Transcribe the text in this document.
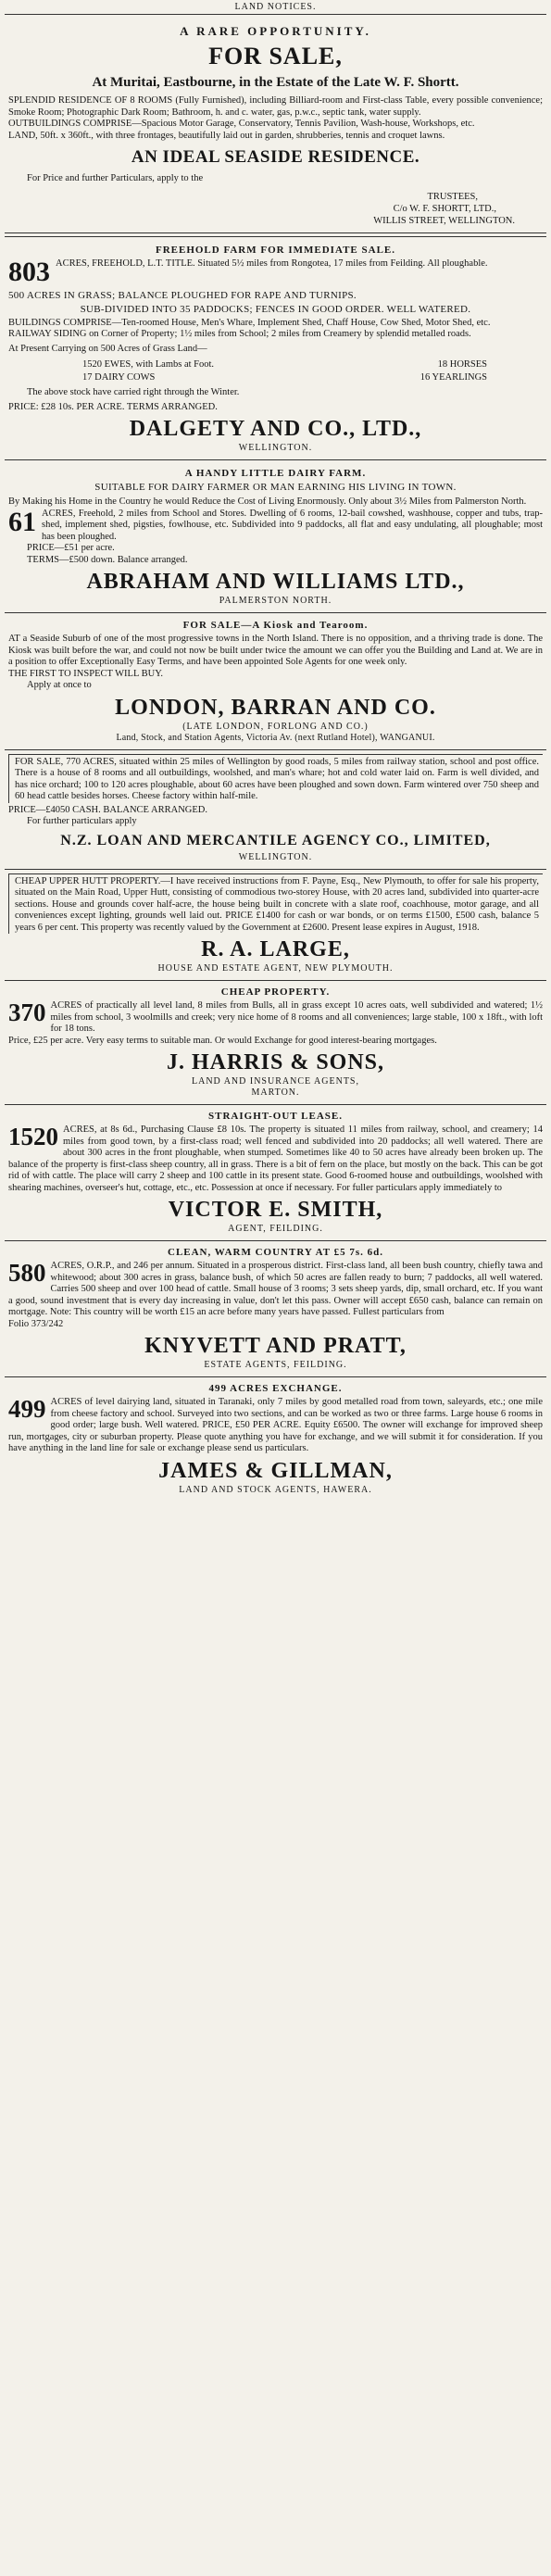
LAND NOTICES.
A RARE OPPORTUNITY.
FOR SALE,
At Muritai, Eastbourne, in the Estate of the Late W. F. Shortt.

SPLENDID RESIDENCE OF 8 ROOMS (Fully Furnished), including Billiard-room and First-class Table, every possible convenience; Smoke Room; Photographic Dark Room; Bathroom, h. and c. water, gas, p.w.c., septic tank, water supply.

OUTBUILDINGS COMPRISE—Spacious Motor Garage, Conservatory, Tennis Pavilion, Wash-house, Workshops, etc.

LAND, 50ft. x 360ft., with three frontages, beautifully laid out in garden, shrubberies, tennis and croquet lawns.

AN IDEAL SEASIDE RESIDENCE.

For Price and further Particulars, apply to the

TRUSTEES,

C/o W. F. SHORTT, LTD.,

WILLIS STREET, WELLINGTON.

FREEHOLD FARM FOR IMMEDIATE SALE.
803 ACRES, FREEHOLD, L.T. TITLE. Situated 5½ miles from Rongotea, 17 miles from Feilding. All ploughable.

500 ACRES IN GRASS; BALANCE PLOUGHED FOR RAPE AND TURNIPS.

SUB-DIVIDED INTO 35 PADDOCKS; FENCES IN GOOD ORDER. WELL WATERED.

BUILDINGS COMPRISE—Ten-roomed House, Men's Whare, Implement Shed, Chaff House, Cow Shed, Motor Shed, etc.

RAILWAY SIDING on Corner of Property; 1½ miles from School; 2 miles from Creamery by splendid metalled roads.

At Present Carrying on 500 Acres of Grass Land—

1520 EWES, with Lambs at Foot.	18 HORSES
17 DAIRY COWS	16 YEARLINGS

The above stock have carried right through the Winter.

PRICE: £28 10s. PER ACRE. TERMS ARRANGED.

DALGETY AND CO., LTD.,
WELLINGTON.
A HANDY LITTLE DAIRY FARM.

SUITABLE FOR DAIRY FARMER OR MAN EARNING HIS LIVING IN TOWN.

By Making his Home in the Country he would Reduce the Cost of Living Enormously. Only about 3½ Miles from Palmerston North.

61 ACRES, Freehold, 2 miles from School and Stores. Dwelling of 6 rooms, 12-bail cowshed, washhouse, copper and tubs, trap-shed, implement shed, pigsties, fowlhouse, etc. Subdivided into 9 paddocks, all flat and easy undulating, all ploughable; most has been ploughed.

PRICE—£51 per acre.

TERMS—£500 down. Balance arranged.

ABRAHAM AND WILLIAMS LTD.,
PALMERSTON NORTH.
FOR SALE—A Kiosk and Tearoom.

AT a Seaside Suburb of one of the most progressive towns in the North Island. There is no opposition, and a thriving trade is done. The Kiosk was built before the war, and could not now be built under twice the amount we can offer you the Building and Land at. We are in a position to offer Exceptionally Easy Terms, and have been appointed Sole Agents for one week only.

THE FIRST TO INSPECT WILL BUY.

Apply at once to

LONDON, BARRAN AND CO.
(LATE LONDON, FORLONG AND CO.)
Land, Stock, and Station Agents, Victoria Av. (next Rutland Hotel), WANGANUI.

FOR SALE, 770 ACRES, situated within 25 miles of Wellington by good roads, 5 miles from railway station, school and post office. There is a house of 8 rooms and all outbuildings, woolshed, and man's whare; hot and cold water laid on. Farm is well divided, and has nice orchard; 100 to 120 acres ploughable, about 60 acres have been ploughed and sown down. Farm wintered over 750 sheep and 60 head cattle besides horses. Cheese factory within half-mile.

PRICE—£4050 CASH. BALANCE ARRANGED.

For further particulars apply

N.Z. LOAN AND MERCANTILE AGENCY CO., LIMITED,
WELLINGTON.

CHEAP UPPER HUTT PROPERTY.—I have received instructions from F. Payne, Esq., New Plymouth, to offer for sale his property, situated on the Main Road, Upper Hutt, consisting of commodious two-storey House, with 20 acres land, subdivided into quarter-acre sections. House and grounds cover half-acre, the house being built in concrete with a slate roof, coachhouse, motor garage, and all conveniences except lighting, grounds well laid out. PRICE £1400 for cash or war bonds, or on terms £1500, £500 cash, balance 5 years 6 per cent. This property was recently valued by the Government at £2600. Present lease expires in August, 1918.

R. A. LARGE,
HOUSE AND ESTATE AGENT, NEW PLYMOUTH.
CHEAP PROPERTY.
370 ACRES of practically all level land, 8 miles from Bulls, all in grass except 10 acres oats, well subdivided and watered; 1½ miles from school, 3 woolmills and creek; very nice home of 8 rooms and all conveniences; large stable, 100 x 18ft., with loft for 18 tons.

Price, £25 per acre. Very easy terms to suitable man. Or would Exchange for good interest-bearing mortgages.

J. HARRIS & SONS,
LAND AND INSURANCE AGENTS,
MARTON.
STRAIGHT-OUT LEASE.
1520 ACRES, at 8s 6d., Purchasing Clause £8 10s. The property is situated 11 miles from railway, school, and creamery; 14 miles from good town, by a first-class road; well fenced and subdivided into 20 paddocks; all well watered. There are about 300 acres in the front ploughable, when stumped. Sometimes like 40 to 50 acres have already been broken up. The balance of the property is first-class sheep country, all in grass. There is a bit of fern on the place, but mostly on the back. This can be got rid of with cattle. The place will carry 2 sheep and 100 cattle in its present state. Good 6-roomed house and outbuildings, woolshed with shearing machines, overseer's hut, cottage, etc., etc. Possession at once if necessary. For fuller particulars apply immediately to

VICTOR E. SMITH,
AGENT, FEILDING.
CLEAN, WARM COUNTRY AT £5 7s. 6d.
580 ACRES, O.R.P., and 246 per annum. Situated in a prosperous district. First-class land, all been bush country, chiefly tawa and whitewood; about 300 acres in grass, balance bush, of which 50 acres are fallen ready to burn; 7 paddocks, all well watered. Carries 500 sheep and over 100 head of cattle. Small house of 3 rooms; 3 sets sheep yards, dip, small orchard, etc. If you want a good, sound investment that is every day increasing in value, don't let this pass. Owner will accept £650 cash, balance can remain on mortgage. Note: This country will be worth £15 an acre before many years have passed. Fullest particulars from

Folio 373/242

KNYVETT AND PRATT,
ESTATE AGENTS, FEILDING.
499 ACRES EXCHANGE.
499 ACRES of level dairying land, situated in Taranaki, only 7 miles by good metalled road from town, saleyards, etc.; one mile from cheese factory and school. Surveyed into two sections, and can be worked as two or three farms. Large house 6 rooms in good order; large bush. Well watered. PRICE, £50 PER ACRE. Equity £6500. The owner will exchange for improved sheep run, mortgages, city or suburban property. Please quote anything you have for exchange, and we will submit it for consideration. If you have anything in the land line for sale or exchange please send us particulars.

JAMES & GILLMAN,
LAND AND STOCK AGENTS, HAWERA.
